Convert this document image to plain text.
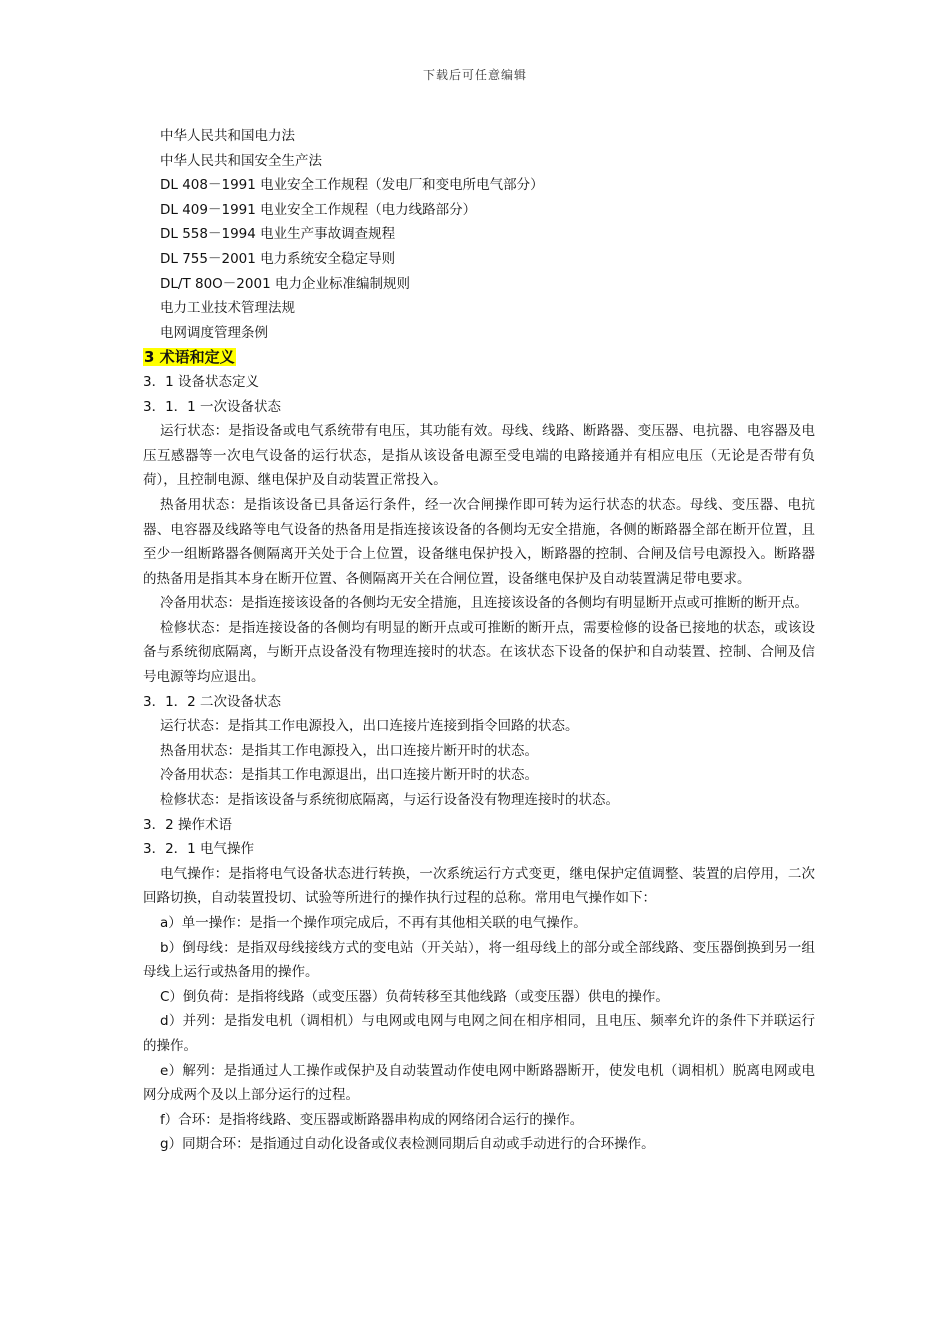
下载后可任意编辑

中华人民共和国电力法

中华人民共和国安全生产法

DL 408－1991 电业安全工作规程（发电厂和变电所电气部分）

DL 409－1991 电业安全工作规程（电力线路部分）

DL 558－1994 电业生产事故调查规程

DL 755－2001 电力系统安全稳定导则

DL/T 80O－2001 电力企业标准编制规则

电力工业技术管理法规

电网调度管理条例

3 术语和定义

3．1 设备状态定义

3．1．1 一次设备状态

运行状态：是指设备或电气系统带有电压，其功能有效。母线、线路、断路器、变压器、电抗器、电容器及电压互感器等一次电气设备的运行状态，是指从该设备电源至受电端的电路接通并有相应电压（无论是否带有负荷），且控制电源、继电保护及自动装置正常投入。

热备用状态：是指该设备已具备运行条件，经一次合闸操作即可转为运行状态的状态。母线、变压器、电抗器、电容器及线路等电气设备的热备用是指连接该设备的各侧均无安全措施，各侧的断路器全部在断开位置，且至少一组断路器各侧隔离开关处于合上位置，设备继电保护投入，断路器的控制、合闸及信号电源投入。断路器的热备用是指其本身在断开位置、各侧隔离开关在合闸位置，设备继电保护及自动装置满足带电要求。

冷备用状态：是指连接该设备的各侧均无安全措施，且连接该设备的各侧均有明显断开点或可推断的断开点。

检修状态：是指连接设备的各侧均有明显的断开点或可推断的断开点，需要检修的设备已接地的状态，或该设备与系统彻底隔离，与断开点设备没有物理连接时的状态。在该状态下设备的保护和自动装置、控制、合闸及信号电源等均应退出。

3．1．2 二次设备状态

运行状态：是指其工作电源投入，出口连接片连接到指令回路的状态。

热备用状态：是指其工作电源投入，出口连接片断开时的状态。

冷备用状态：是指其工作电源退出，出口连接片断开时的状态。

检修状态：是指该设备与系统彻底隔离，与运行设备没有物理连接时的状态。

3．2 操作术语

3．2．1 电气操作

电气操作：是指将电气设备状态进行转换，一次系统运行方式变更，继电保护定值调整、装置的启停用，二次回路切换，自动装置投切、试验等所进行的操作执行过程的总称。常用电气操作如下：

a）单一操作：是指一个操作项完成后，不再有其他相关联的电气操作。

b）倒母线：是指双母线接线方式的变电站（开关站），将一组母线上的部分或全部线路、变压器倒换到另一组母线上运行或热备用的操作。

C）倒负荷：是指将线路（或变压器）负荷转移至其他线路（或变压器）供电的操作。

d）并列：是指发电机（调相机）与电网或电网与电网之间在相序相同，且电压、频率允许的条件下并联运行的操作。

e）解列：是指通过人工操作或保护及自动装置动作使电网中断路器断开，使发电机（调相机）脱离电网或电网分成两个及以上部分运行的过程。

f）合环：是指将线路、变压器或断路器串构成的网络闭合运行的操作。

g）同期合环：是指通过自动化设备或仪表检测同期后自动或手动进行的合环操作。
